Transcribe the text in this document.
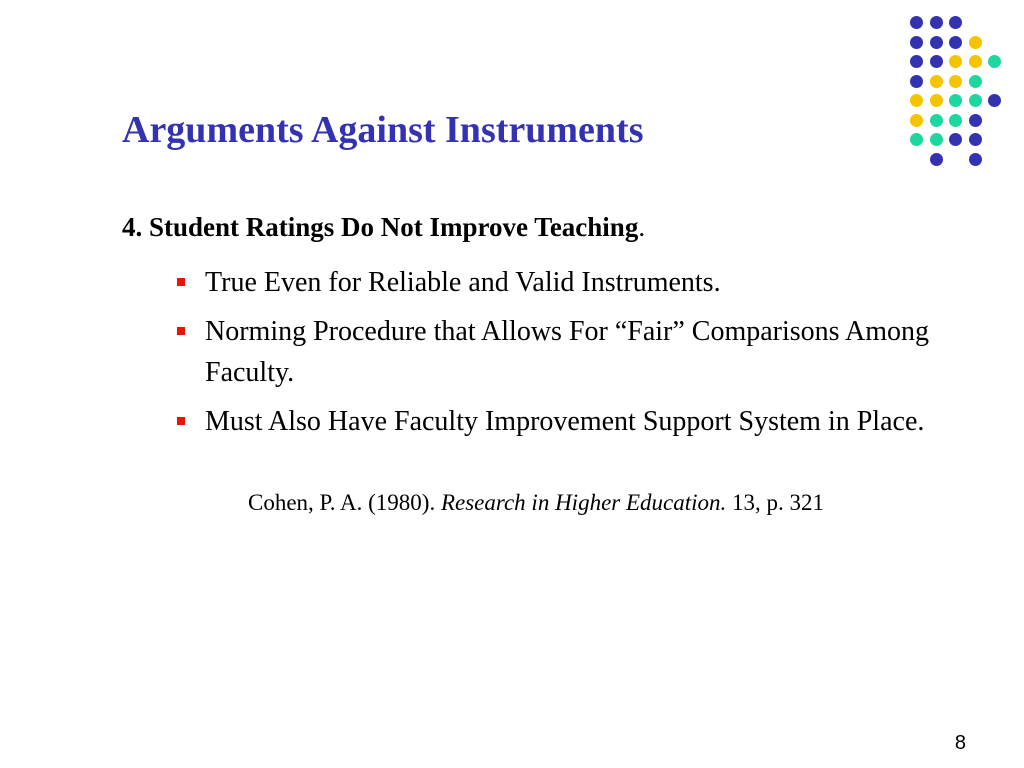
Arguments Against Instruments
4. Student Ratings Do Not Improve Teaching.
True Even for Reliable and Valid Instruments.
Norming Procedure that Allows For “Fair” Comparisons Among Faculty.
Must Also Have Faculty Improvement Support System in Place.
Cohen, P. A. (1980). Research in Higher Education. 13, p. 321
8
